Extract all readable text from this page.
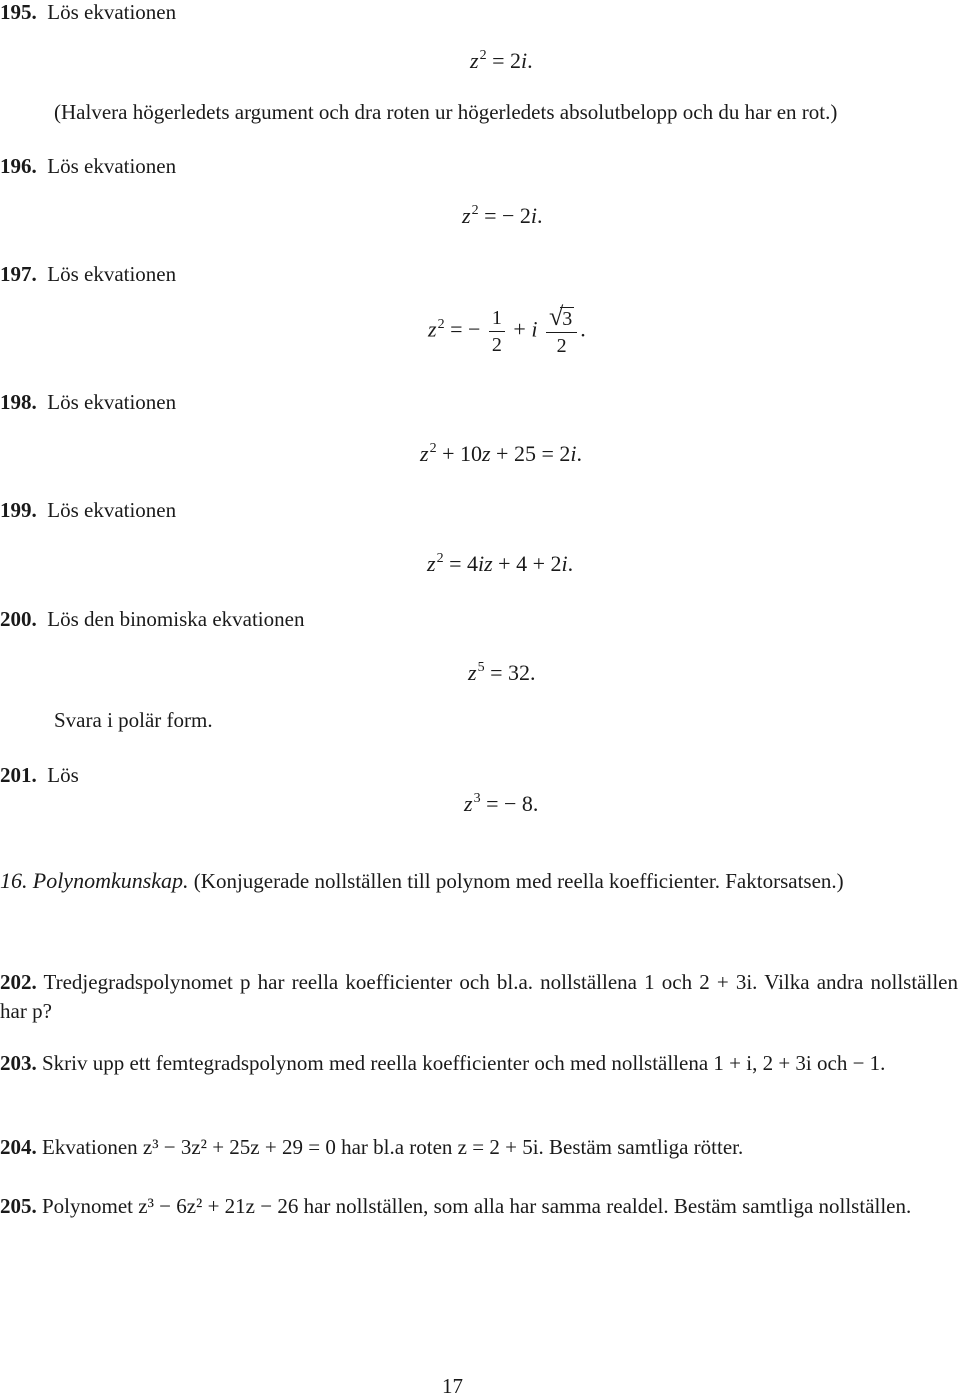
195. Lös ekvationen
$z^2 = 2i$.
(Halvera högerledets argument och dra roten ur högerledets absolutbelopp och du har en rot.)
196. Lös ekvationen
$z^2$ = − 2i.
197. Lös ekvationen
$z^2$ = − $\frac{1}{2} + i \frac{√3}{2}$ .
198. Lös ekvationen
$z^2 + 10z + 25 = 2i$.
199. Lös ekvationen
$z^2 = 4iz + 4 + 2i$.
200. Lös den binomiska ekvationen
$z^5 = 32$.
Svara i polär form.
201. Lös
$z^3$ = − 8.
16. Polynomkunskap. (Konjugerade nollställen till polynom med reella koefficienter. Faktorsatsen.)
202. Tredjegradspolynomet p har reella koefficienter och bl.a. nollställena 1 och 2 + 3i. Vilka andra nollställen har p?
203. Skriv upp ett femtegradspolynom med reella koefficienter och med nollställena 1 + i, 2 + 3i och − 1.
204. Ekvationen z³ − 3z² + 25z + 29 = 0 har bl.a roten z = 2 + 5i. Bestäm samtliga rötter.
205. Polynomet z³ − 6z² + 21z − 26 har nollställen, som alla har samma realdel. Bestäm samtliga nollställen.
17
